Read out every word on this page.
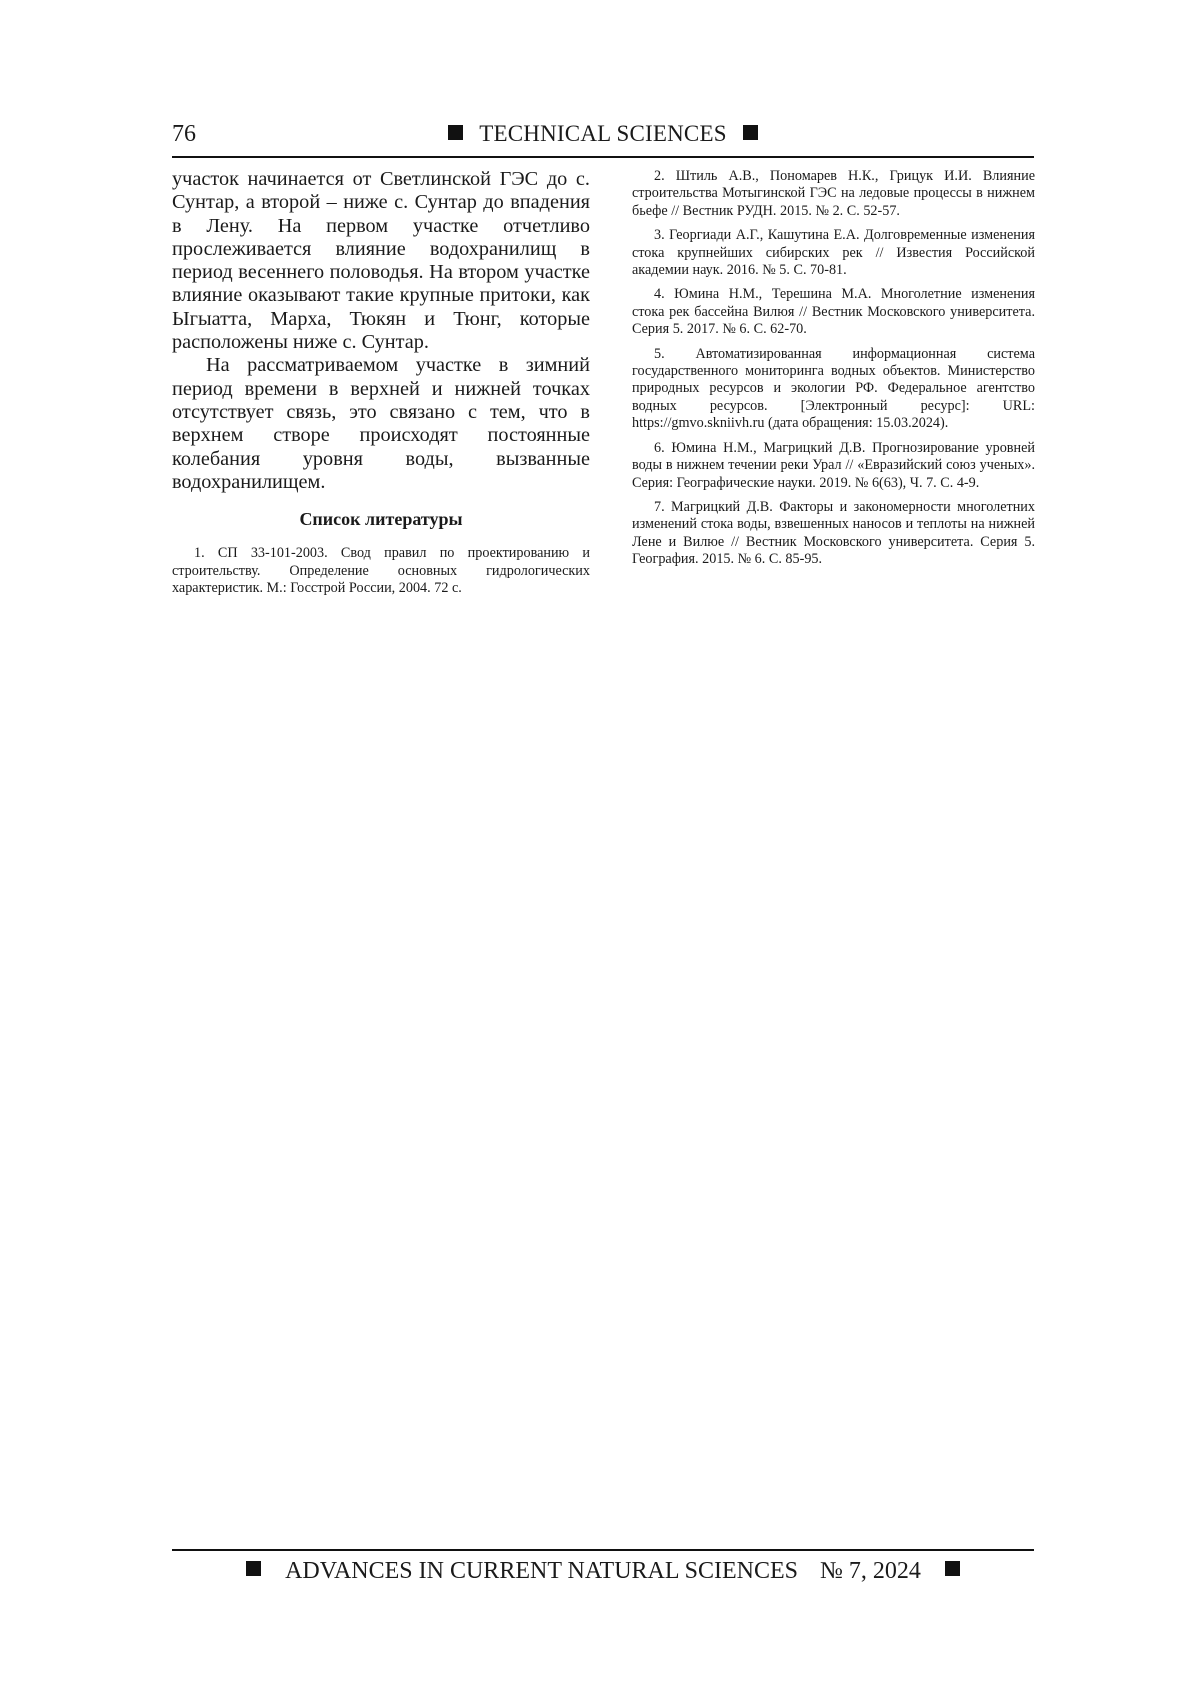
76	TECHNICAL SCIENCES

участок начинается от Светлинской ГЭС до с. Сунтар, а второй – ниже с. Сунтар до впадения в Лену. На первом участке отчетливо прослеживается влияние водохранилищ в период весеннего половодья. На втором участке влияние оказывают такие крупные притоки, как Ыгыатта, Марха, Тюкян и Тюнг, которые расположены ниже с. Сунтар.

На рассматриваемом участке в зимний период времени в верхней и нижней точках отсутствует связь, это связано с тем, что в верхнем створе происходят постоянные колебания уровня воды, вызванные водохранилищем.

Список литературы

1. СП 33-101-2003. Свод правил по проектированию и строительству. Определение основных гидрологических характеристик. М.: Госстрой России, 2004. 72 с.

2. Штиль А.В., Пономарев Н.К., Грицук И.И. Влияние строительства Мотыгинской ГЭС на ледовые процессы в нижнем бьефе // Вестник РУДН. 2015. № 2. С. 52-57.

3. Георгиади А.Г., Кашутина Е.А. Долговременные изменения стока крупнейших сибирских рек // Известия Российской академии наук. 2016. № 5. С. 70-81.

4. Юмина Н.М., Терешина М.А. Многолетние изменения стока рек бассейна Вилюя // Вестник Московского университета. Серия 5. 2017. № 6. С. 62-70.

5. Автоматизированная информационная система государственного мониторинга водных объектов. Министерство природных ресурсов и экологии РФ. Федеральное агентство водных ресурсов. [Электронный ресурс]: URL: https://gmvo.skniivh.ru (дата обращения: 15.03.2024).

6. Юмина Н.М., Магрицкий Д.В. Прогнозирование уровней воды в нижнем течении реки Урал // «Евразийский союз ученых». Серия: Географические науки. 2019. № 6(63), Ч. 7. С. 4-9.

7. Магрицкий Д.В. Факторы и закономерности многолетних изменений стока воды, взвешенных наносов и теплоты на нижней Лене и Вилюе // Вестник Московского университета. Серия 5. География. 2015. № 6. С. 85-95.

ADVANCES IN CURRENT NATURAL SCIENCES № 7, 2024
